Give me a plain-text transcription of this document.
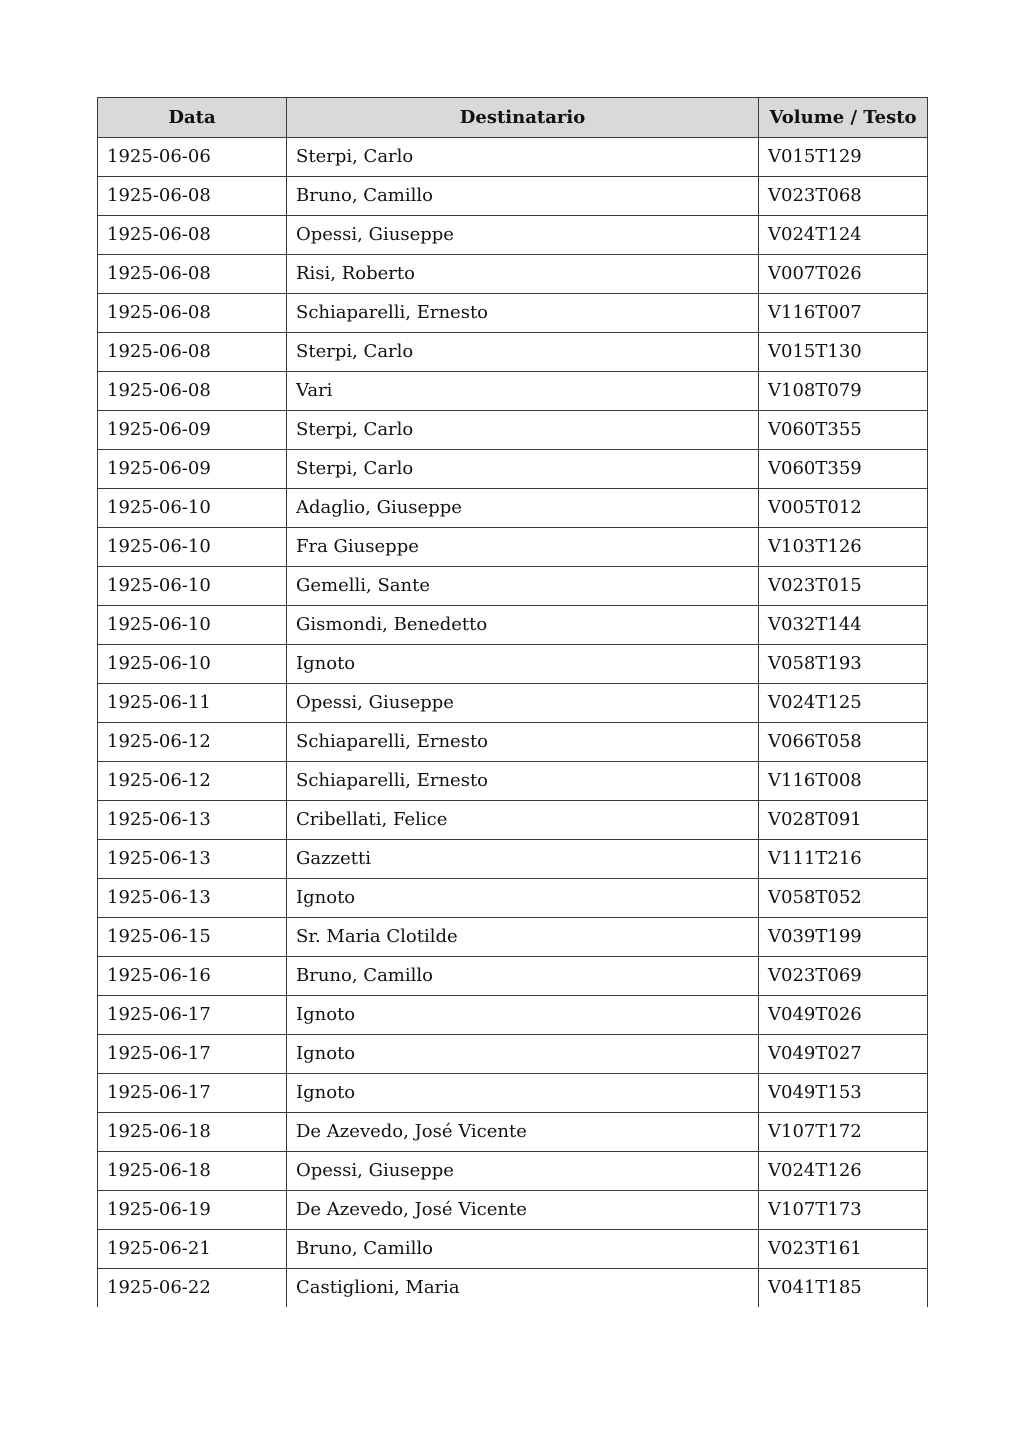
Data	Destinatario	Volume / Testo
1925-06-06	Sterpi, Carlo	V015T129
1925-06-08	Bruno, Camillo	V023T068
1925-06-08	Opessi, Giuseppe	V024T124
1925-06-08	Risi, Roberto	V007T026
1925-06-08	Schiaparelli, Ernesto	V116T007
1925-06-08	Sterpi, Carlo	V015T130
1925-06-08	Vari	V108T079
1925-06-09	Sterpi, Carlo	V060T355
1925-06-09	Sterpi, Carlo	V060T359
1925-06-10	Adaglio, Giuseppe	V005T012
1925-06-10	Fra Giuseppe	V103T126
1925-06-10	Gemelli, Sante	V023T015
1925-06-10	Gismondi, Benedetto	V032T144
1925-06-10	Ignoto	V058T193
1925-06-11	Opessi, Giuseppe	V024T125
1925-06-12	Schiaparelli, Ernesto	V066T058
1925-06-12	Schiaparelli, Ernesto	V116T008
1925-06-13	Cribellati, Felice	V028T091
1925-06-13	Gazzetti	V111T216
1925-06-13	Ignoto	V058T052
1925-06-15	Sr. Maria Clotilde	V039T199
1925-06-16	Bruno, Camillo	V023T069
1925-06-17	Ignoto	V049T026
1925-06-17	Ignoto	V049T027
1925-06-17	Ignoto	V049T153
1925-06-18	De Azevedo, José Vicente	V107T172
1925-06-18	Opessi, Giuseppe	V024T126
1925-06-19	De Azevedo, José Vicente	V107T173
1925-06-21	Bruno, Camillo	V023T161
1925-06-22	Castiglioni, Maria	V041T185
